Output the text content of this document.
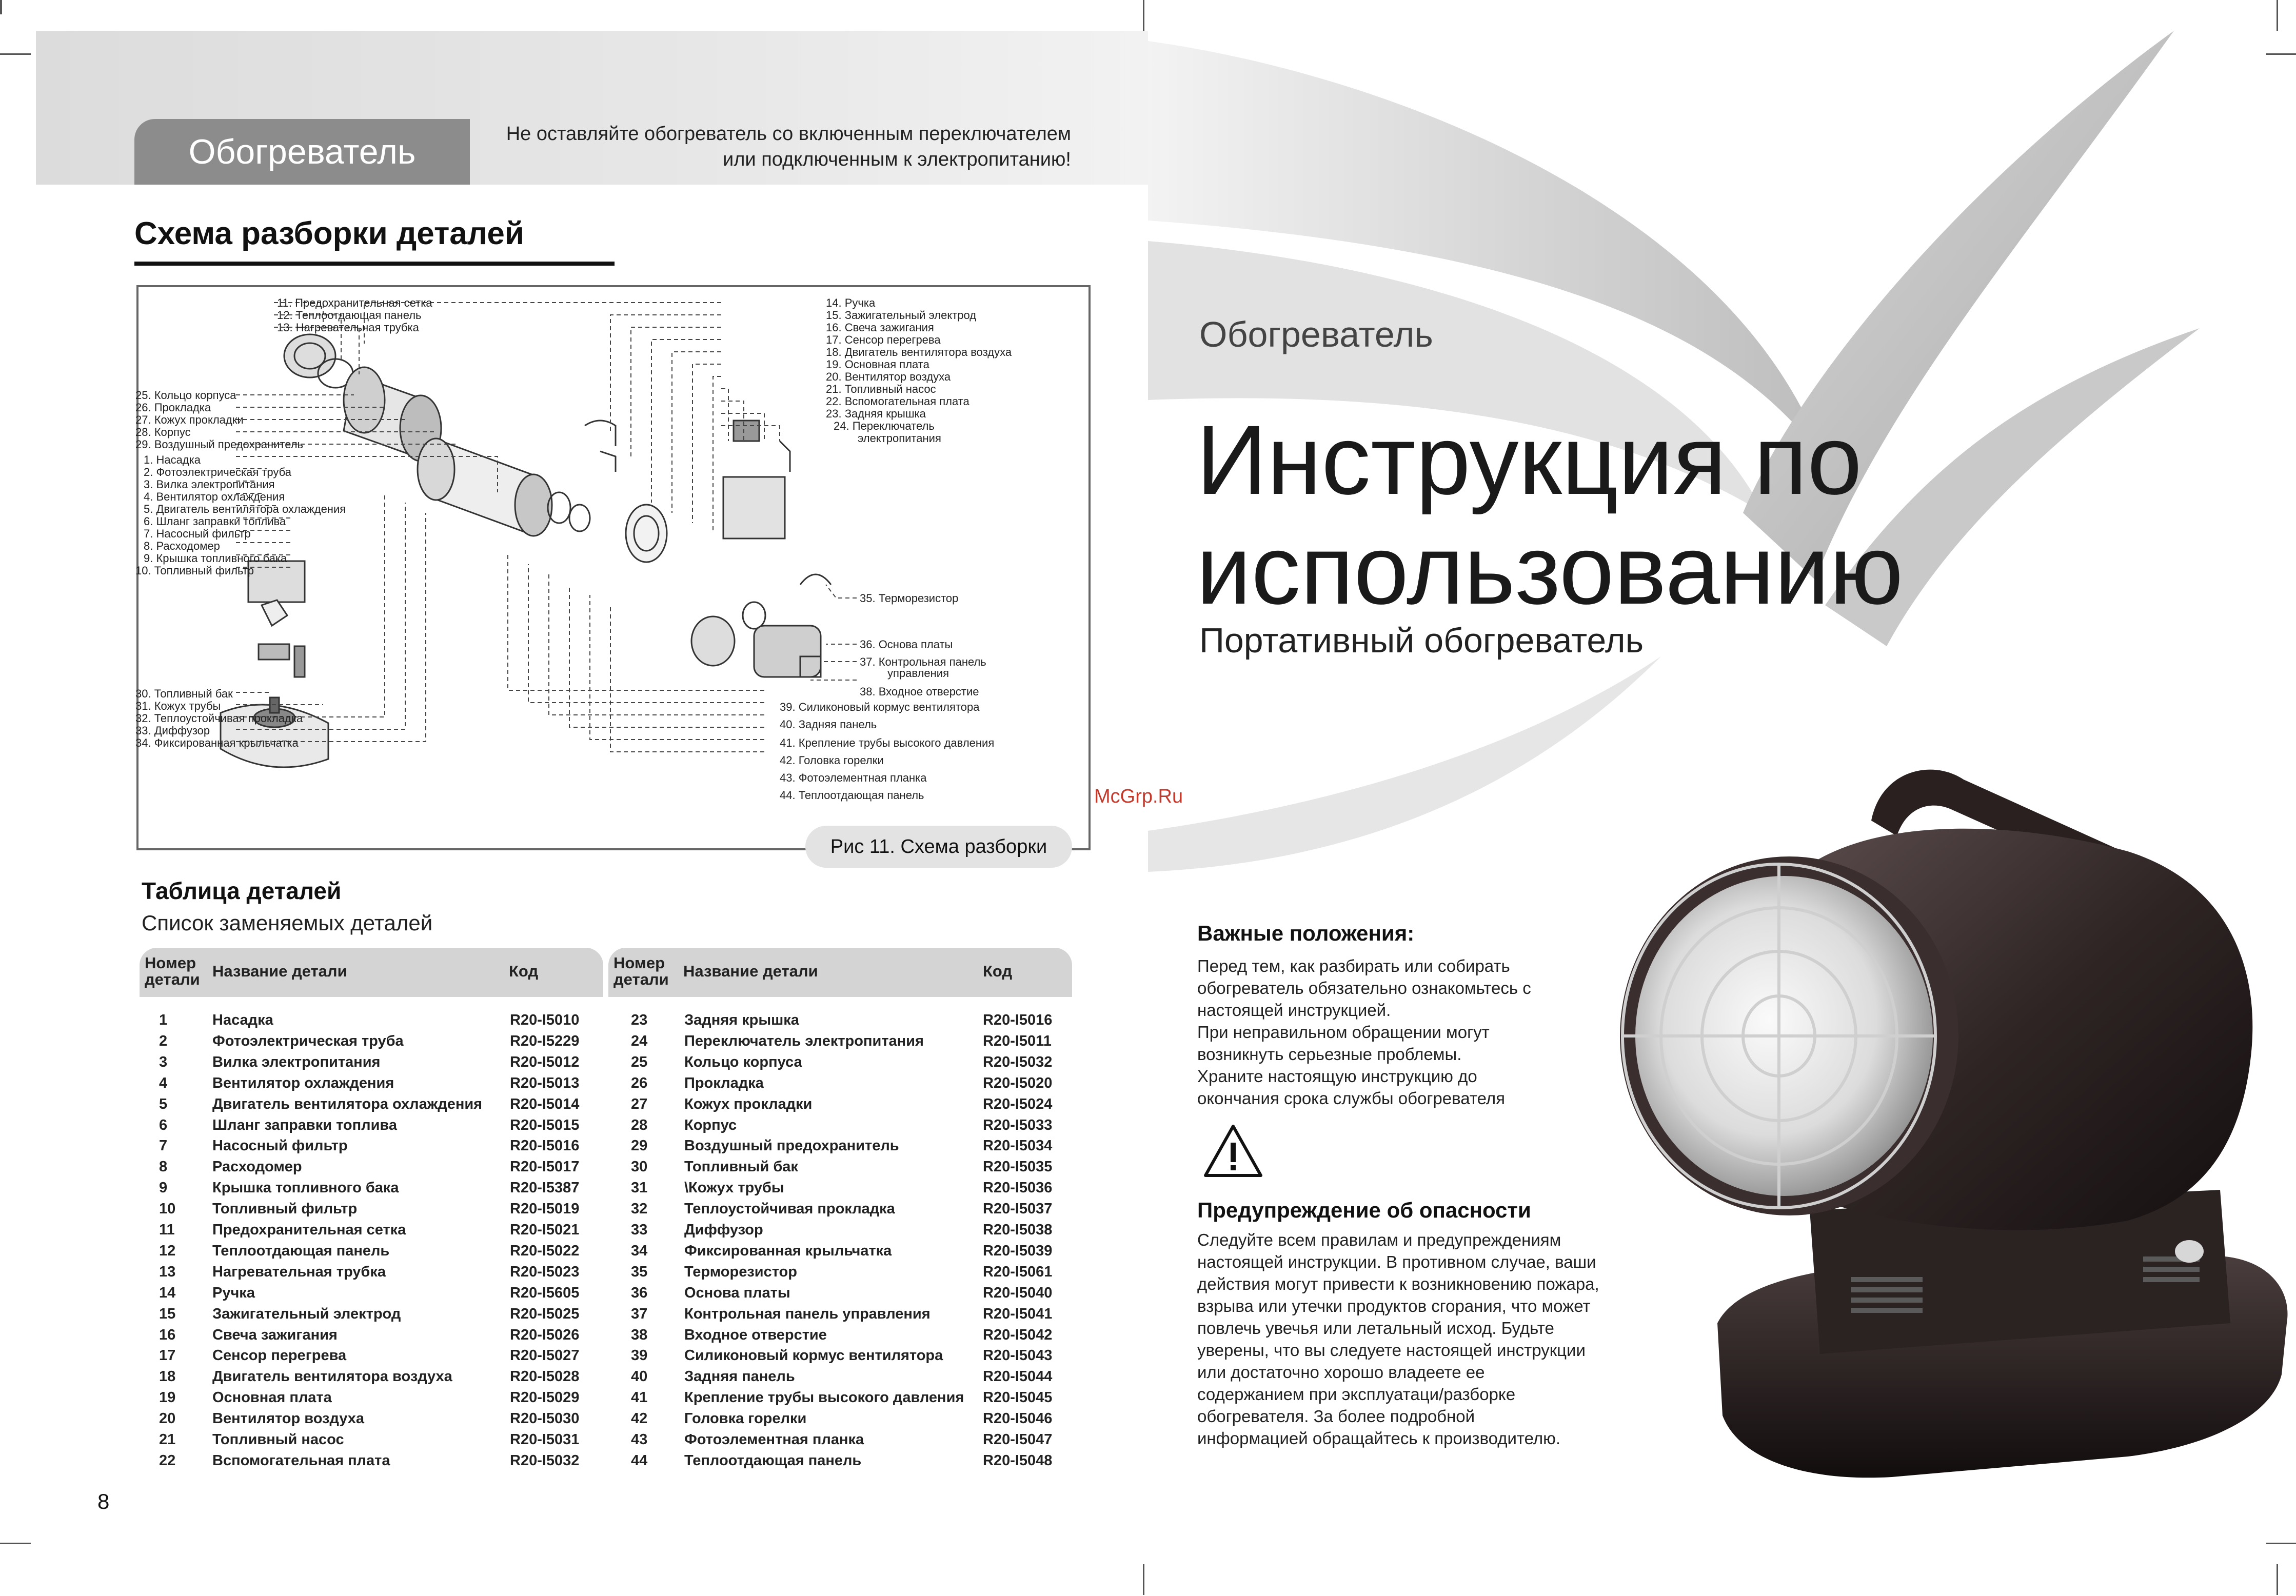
Обогреватель	Не оставляйте обогреватель со включенным переключателем
или подключенным к электропитанию!
Схема разборки деталей
11. Предохранительная сетка
12. Теплоотдающая панель
13. Нагревательная трубка
25. Кольцо корпуса
26. Прокладка
27. Кожух прокладки
28. Корпус
29. Воздушный предохранитель
1. Насадка
2. Фотоэлектрическая труба
3. Вилка электропитания
4. Вентилятор охлаждения
5. Двигатель вентилятора охлаждения
6. Шланг заправки топлива
7. Насосный фильтр
8. Расходомер
9. Крышка топливного бака
10. Топливный фильтр
30. Топливный бак
31. Кожух трубы
32. Теплоустойчивая прокладка
33. Диффузор
34. Фиксированная крыльчатка
14. Ручка
15. Зажигательный электрод
16. Свеча зажигания
17. Сенсор перегрева
18. Двигатель вентилятора воздуха
19. Основная плата
20. Вентилятор воздуха
21. Топливный насос
22. Вспомогательная плата
23. Задняя крышка
24. Переключатель
электропитания
35. Терморезистор
36. Основа платы
37. Контрольная панель
управления
38. Входное отверстие
39. Силиконовый кормус вентилятора
40. Задняя панель
41. Крепление трубы высокого давления
42. Головка горелки
43. Фотоэлементная планка
44. Теплоотдающая панель
Рис 11. Схема разборки
Таблица деталей
Список заменяемых деталей
Номер
детали Название детали	Код
1	Насадка	R20-I5010
2	Фотоэлектрическая труба	R20-I5229
3	Вилка электропитания	R20-I5012
4	Вентилятор охлаждения	R20-I5013
5	Двигатель вентилятора охлаждения R20-I5014
6	Шланг заправки топлива	R20-I5015
7	Насосный фильтр	R20-I5016
8	Расходомер	R20-I5017
9	Крышка топливного бака	R20-I5387
10 Топливный фильтр	R20-I5019
11	Предохранительная сетка	R20-I5021
12 Теплоотдающая панель	R20-I5022
13 Нагревательная трубка	R20-I5023
14 Ручка	R20-I5605
15 Зажигательный электрод	R20-I5025
16 Свеча зажигания	R20-I5026
17 Сенсор перегрева	R20-I5027
18 Двигатель вентилятора воздуха	R20-I5028
19 Основная плата	R20-I5029
20 Вентилятор воздуха	R20-I5030
21 Топливный насос	R20-I5031
22 Вспомогательная плата	R20-I5032
Номер
детали Название детали	Код
23 Задняя крышка	R20-I5016
24 Переключатель электропитания	R20-I5011
25 Кольцо корпуса	R20-I5032
26 Прокладка	R20-I5020
27 Кожух прокладки	R20-I5024
28 Корпус	R20-I5033
29 Воздушный предохранитель	R20-I5034
30 Топливный бак	R20-I5035
31 \Кожух трубы	R20-I5036
32 Теплоустойчивая прокладка	R20-I5037
33 Диффузор	R20-I5038
34 Фиксированная крыльчатка	R20-I5039
35 Терморезистор	R20-I5061
36 Основа платы	R20-I5040
37 Контрольная панель управления	R20-I5041
38 Входное отверстие	R20-I5042
39 Силиконовый кормус вентилятора	R20-I5043
40 Задняя панель	R20-I5044
41 Крепление трубы высокого давления R20-I5045
42 Головка горелки	R20-I5046
43 Фотоэлементная планка	R20-I5047
44 Теплоотдающая панель	R20-I5048
8
Обогреватель
Инструкция по
использованию
Портативный обогреватель
McGrp.Ru
Важные положения:
Перед тем, как разбирать или собирать
обогреватель обязательно ознакомьтесь с
настоящей инструкцией.
При неправильном обращении могут
возникнуть серьезные проблемы.
Храните настоящую инструкцию до
окончания срока службы обогревателя
Предупреждение об опасности
Следуйте всем правилам и предупреждениям
настоящей инструкции. В противном случае, ваши
действия могут привести к возникновению пожара,
взрыва или утечки продуктов сгорания, что может
повлечь увечья или летальный исход. Будьте
уверены, что вы следуете настоящей инструкции
или достаточно хорошо владеете ее
содержанием при эксплуатаци/разборке
обогревателя. За более подробной
информацией обращайтесь к производителю.
